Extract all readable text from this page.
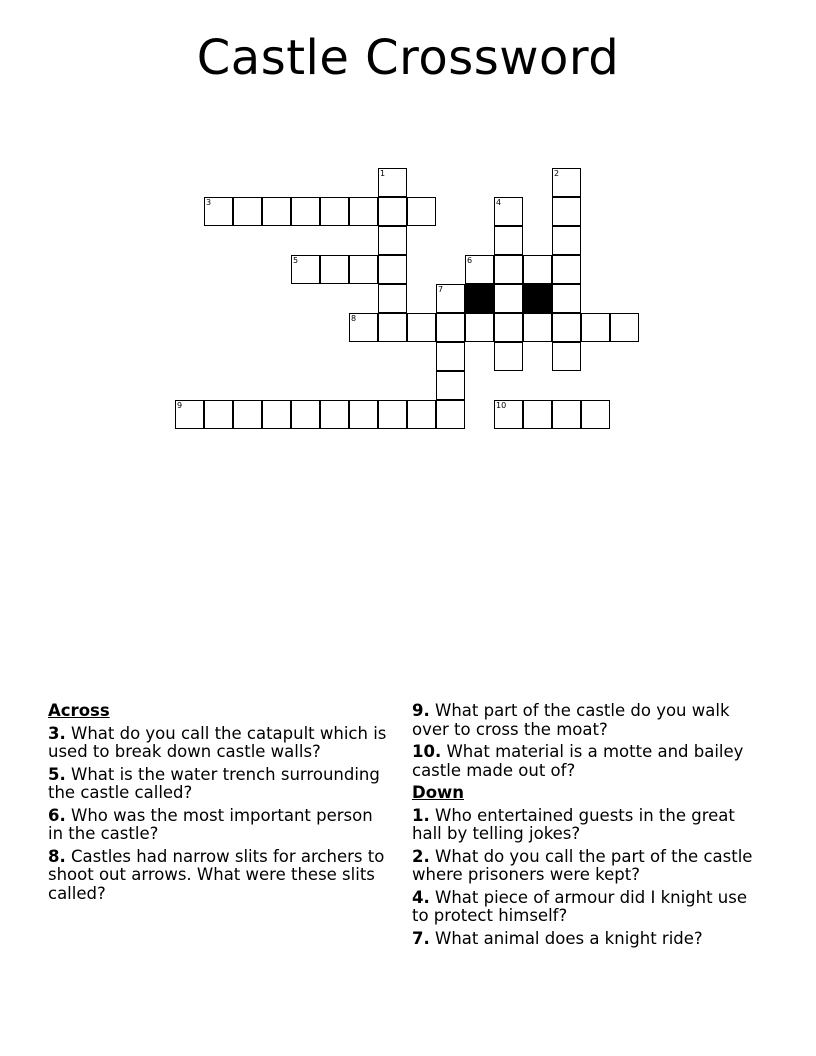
Castle Crossword
1	2
3	4
5	6
7
8
9	10
Across
3. What do you call the catapult which is used to break down castle walls?
5. What is the water trench surrounding the castle called?
6. Who was the most important person in the castle?
8. Castles had narrow slits for archers to shoot out arrows. What were these slits called?
9. What part of the castle do you walk over to cross the moat?
10. What material is a motte and bailey castle made out of?
Down
1. Who entertained guests in the great hall by telling jokes?
2. What do you call the part of the castle where prisoners were kept?
4. What piece of armour did I knight use to protect himself?
7. What animal does a knight ride?
